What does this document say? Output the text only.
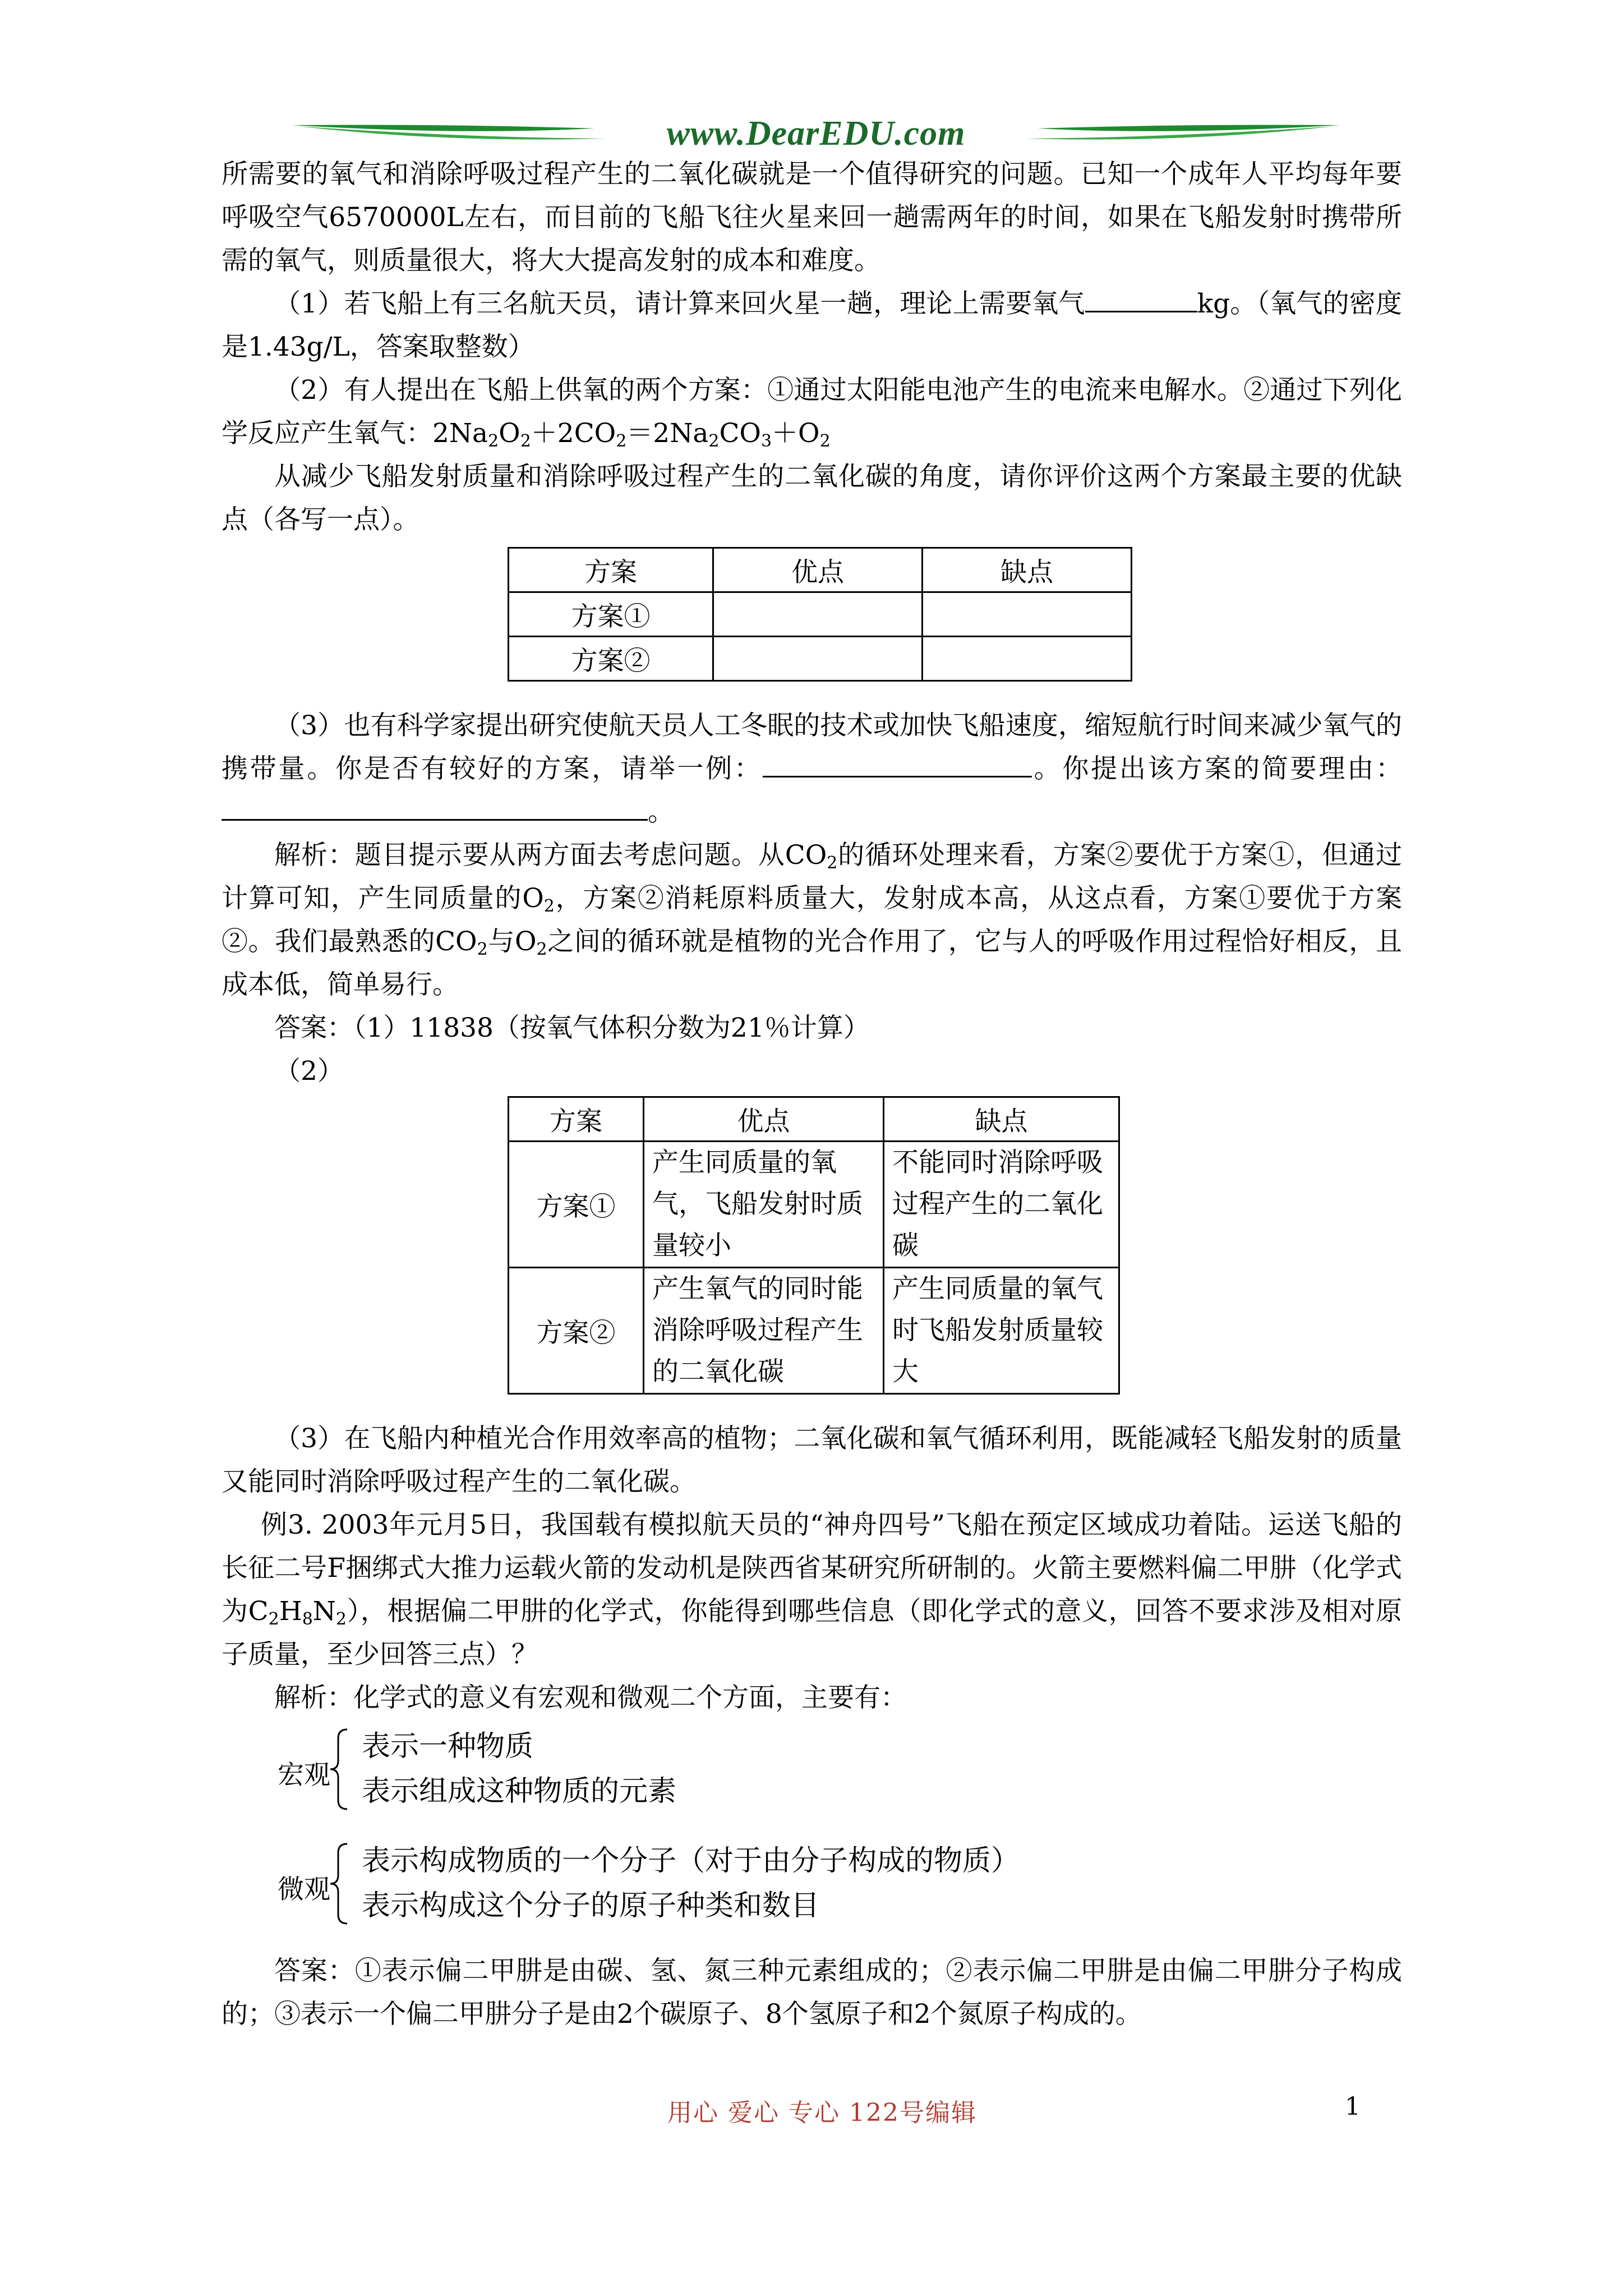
www.DearEDU.com

所需要的氧气和消除呼吸过程产生的二氧化碳就是一个值得研究的问题。已知一个成年人平均每年要呼吸空气6570000L左右，而目前的飞船飞往火星来回一趟需两年的时间，如果在飞船发射时携带所需的氧气，则质量很大，将大大提高发射的成本和难度。

（1）若飞船上有三名航天员，请计算来回火星一趟，理论上需要氧气	kg。（氧气的密度是1.43g/L，答案取整数）

（2）有人提出在飞船上供氧的两个方案：①通过太阳能电池产生的电流来电解水。②通过下列化学反应产生氧气：$2Na_2O_2+2CO_2=2Na_2CO_3+O_2$

从减少飞船发射质量和消除呼吸过程产生的二氧化碳的角度，请你评价这两个方案最主要的优缺点（各写一点）。

方案	优点	缺点
方案①		
方案②		

（3）也有科学家提出研究使航天员人工冬眠的技术或加快飞船速度，缩短航行时间来减少氧气的携带量。你是否有较好的方案，请举一例：	。你提出该方案的简要理由：。

解析：题目提示要从两方面去考虑问题。从$CO_2$的循环处理来看，方案②要优于方案①，但通过计算可知，产生同质量的$O_2$，方案②消耗原料质量大，发射成本高，从这点看，方案①要优于方案②。我们最熟悉的$CO_2$与$O_2$之间的循环就是植物的光合作用了，它与人的呼吸作用过程恰好相反，且成本低，简单易行。

答案：（1）11838（按氧气体积分数为21％计算）

（2）

方案	优点	缺点
方案①	产生同质量的氧气，飞船发射时质量较小	不能同时消除呼吸过程产生的二氧化碳
方案②	产生氧气的同时能消除呼吸过程产生的二氧化碳	产生同质量的氧气时飞船发射质量较大

（3）在飞船内种植光合作用效率高的植物；二氧化碳和氧气循环利用，既能减轻飞船发射的质量又能同时消除呼吸过程产生的二氧化碳。

例3. 2003年元月5日，我国载有模拟航天员的“神舟四号”飞船在预定区域成功着陆。运送飞船的长征二号F捆绑式大推力运载火箭的发动机是陕西省某研究所研制的。火箭主要燃料偏二甲肼（化学式为$C_2H_8N_2$），根据偏二甲肼的化学式，你能得到哪些信息（即化学式的意义，回答不要求涉及相对原子质量，至少回答三点）？

解析：化学式的意义有宏观和微观二个方面，主要有：

宏观
表示一种物质
表示组成这种物质的元素
微观
表示构成物质的一个分子（对于由分子构成的物质）
表示构成这个分子的原子种类和数目

答案：①表示偏二甲肼是由碳、氢、氮三种元素组成的；②表示偏二甲肼是由偏二甲肼分子构成的；③表示一个偏二甲肼分子是由2个碳原子、8个氢原子和2个氮原子构成的。

用心 爱心 专心 122号编辑	1
